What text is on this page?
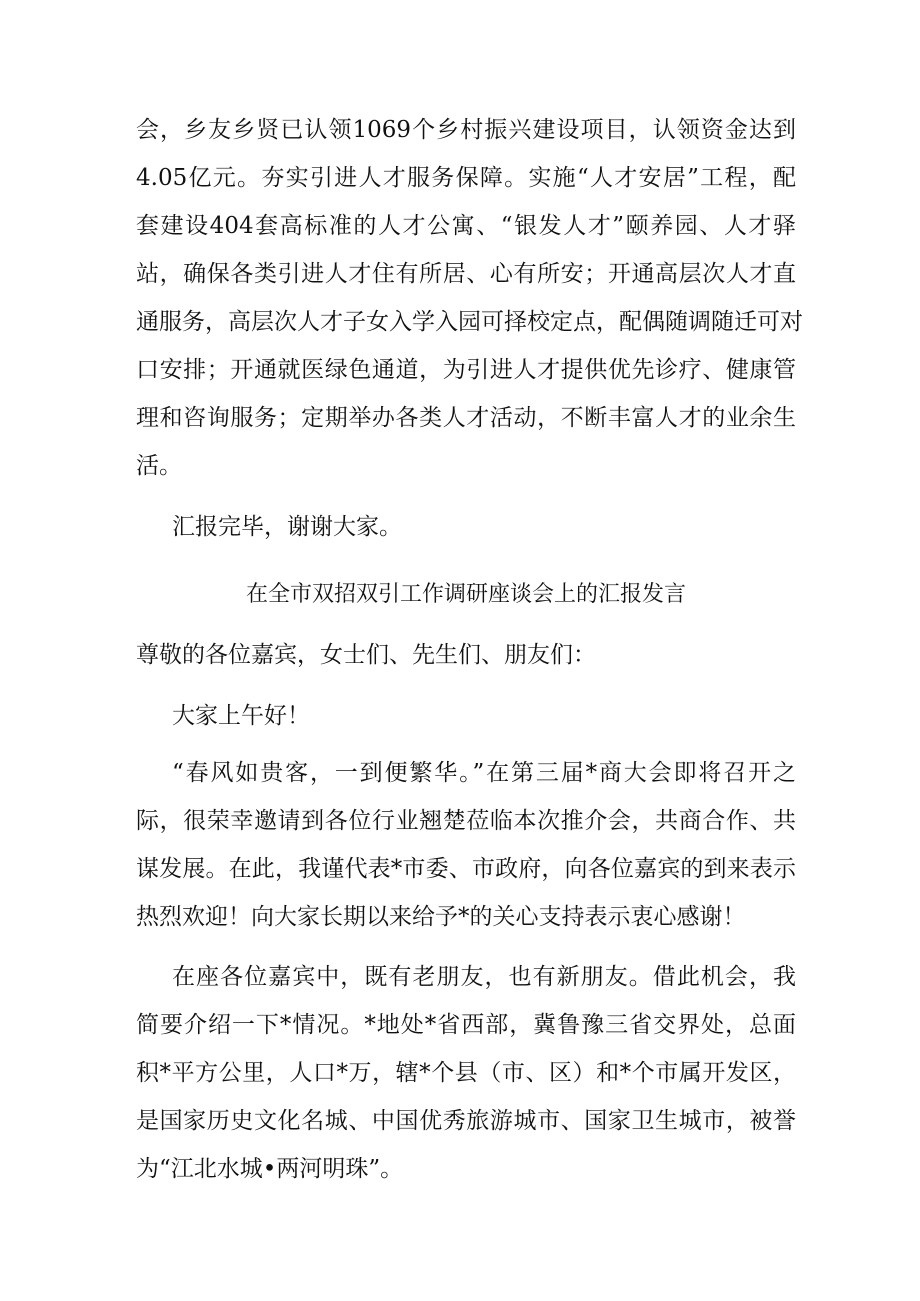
会，乡友乡贤已认领1069个乡村振兴建设项目，认领资金达到
4.05亿元。夯实引进人才服务保障。实施“人才安居”工程，配
套建设404套高标准的人才公寓、“银发人才”颐养园、人才驿
站，确保各类引进人才住有所居、心有所安；开通高层次人才直
通服务，高层次人才子女入学入园可择校定点，配偶随调随迁可对
口安排；开通就医绿色通道，为引进人才提供优先诊疗、健康管
理和咨询服务；定期举办各类人才活动，不断丰富人才的业余生
活。
汇报完毕，谢谢大家。
在全市双招双引工作调研座谈会上的汇报发言
尊敬的各位嘉宾，女士们、先生们、朋友们：
大家上午好！
“春风如贵客，一到便繁华。”在第三届*商大会即将召开之
际，很荣幸邀请到各位行业翘楚莅临本次推介会，共商合作、共
谋发展。在此，我谨代表*市委、市政府，向各位嘉宾的到来表示
热烈欢迎！向大家长期以来给予*的关心支持表示衷心感谢！
在座各位嘉宾中，既有老朋友，也有新朋友。借此机会，我
简要介绍一下*情况。*地处*省西部，冀鲁豫三省交界处，总面
积*平方公里，人口*万，辖*个县（市、区）和*个市属开发区，
是国家历史文化名城、中国优秀旅游城市、国家卫生城市，被誉
为“江北水城•两河明珠”。
